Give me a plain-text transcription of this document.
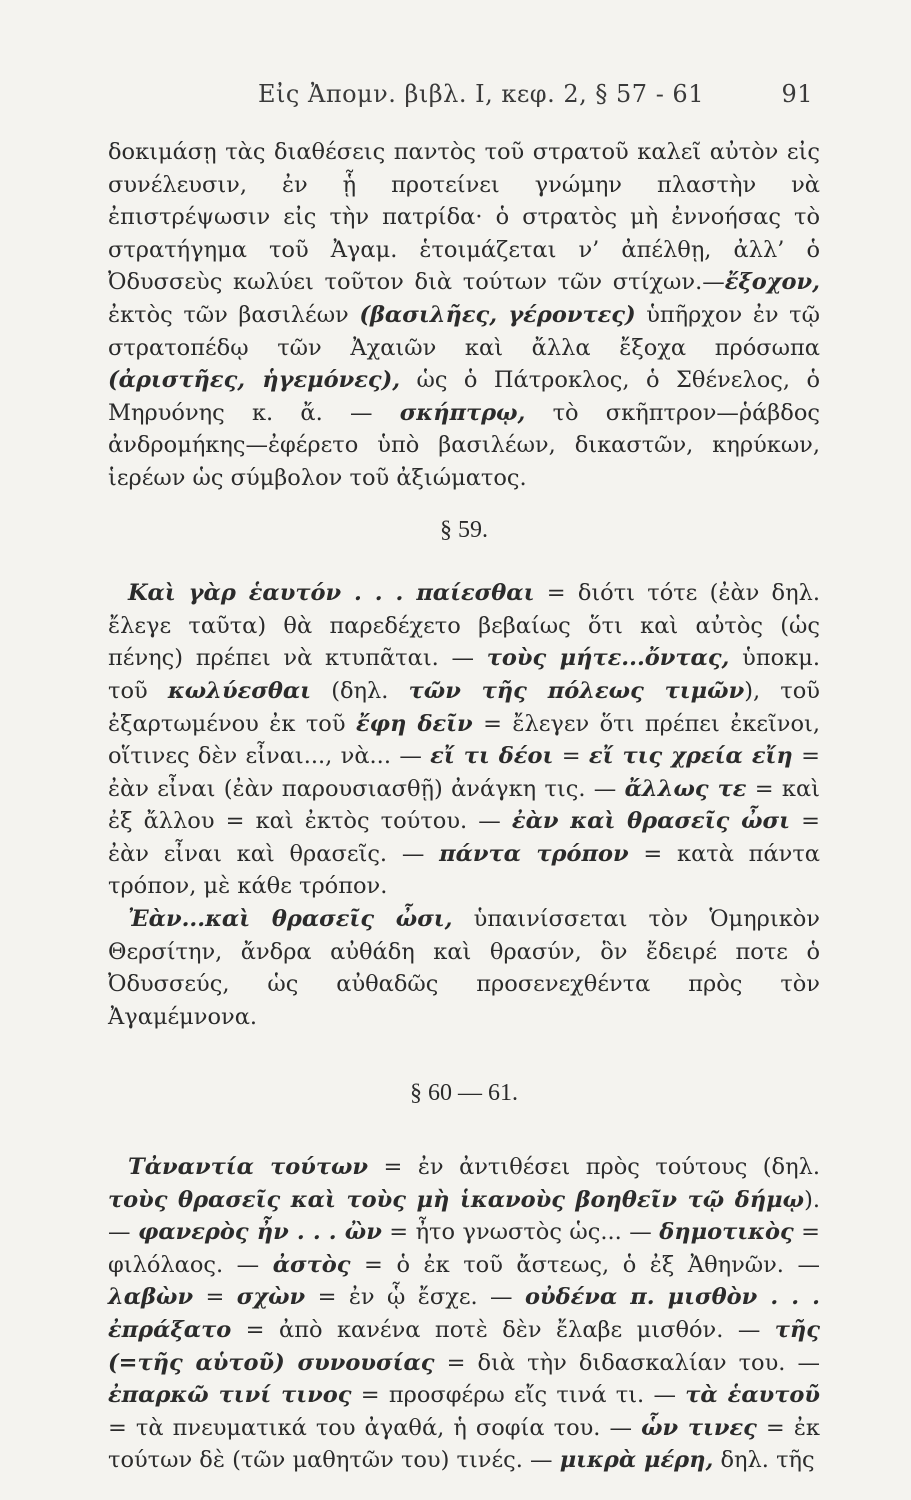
Εἰς Ἀπομν. βιβλ. Ι, κεφ. 2, § 57 - 61	91

δοκιμάσῃ τὰς διαθέσεις παντὸς τοῦ στρατοῦ καλεῖ αὐτὸν εἰς συνέλευσιν, ἐν ᾗ προτείνει γνώμην πλαστὴν νὰ ἐπιστρέψωσιν εἰς τὴν πατρίδα· ὁ στρατὸς μὴ ἐννοήσας τὸ στρατήγημα τοῦ Ἀγαμ. ἑτοιμάζεται ν’ ἀπέλθῃ, ἀλλ’ ὁ Ὀδυσσεὺς κωλύει τοῦτον διὰ τούτων τῶν στίχων.—ἔξοχον, ἐκτὸς τῶν βασιλέων (βασιλῆες, γέροντες) ὑπῆρχον ἐν τῷ στρατοπέδῳ τῶν Ἀχαιῶν καὶ ἄλλα ἔξοχα πρόσωπα (ἀριστῆες, ἡγεμόνες), ὡς ὁ Πάτροκλος, ὁ Σθένελος, ὁ Μηρυόνης κ. ἄ. — σκήπτρῳ, τὸ σκῆπτρον—ῥάβδος ἀνδρομήκης—ἐφέρετο ὑπὸ βασιλέων, δικαστῶν, κηρύκων, ἱερέων ὡς σύμβολον τοῦ ἀξιώματος.

§ 59.

Καὶ γὰρ ἑαυτόν . . . παίεσθαι = διότι τότε (ἐὰν δηλ. ἔλεγε ταῦτα) θὰ παρεδέχετο βεβαίως ὅτι καὶ αὐτὸς (ὡς πένης) πρέπει νὰ κτυπᾶται. — τοὺς μήτε...ὄντας, ὑποκμ. τοῦ κωλύεσθαι (δηλ. τῶν τῆς πόλεως τιμῶν), τοῦ ἐξαρτωμένου ἐκ τοῦ ἔφη δεῖν = ἔλεγεν ὅτι πρέπει ἐκεῖνοι, οἵτινες δὲν εἶναι..., νὰ... — εἴ τι δέοι = εἴ τις χρεία εἴη = ἐὰν εἶναι (ἐὰν παρουσιασθῇ) ἀνάγκη τις. — ἄλλως τε = καὶ ἐξ ἄλλου = καὶ ἐκτὸς τούτου. — ἐὰν καὶ θρασεῖς ὦσι = ἐὰν εἶναι καὶ θρασεῖς. — πάντα τρόπον = κατὰ πάντα τρόπον, μὲ κάθε τρόπον.

Ἐὰν...καὶ θρασεῖς ὦσι, ὑπαινίσσεται τὸν Ὁμηρικὸν Θερσίτην, ἄνδρα αὐθάδη καὶ θρασύν, ὃν ἔδειρέ ποτε ὁ Ὀδυσσεύς, ὡς αὐθαδῶς προσενεχθέντα πρὸς τὸν Ἀγαμέμνονα.

§ 60 — 61.

Τἀναντία τούτων = ἐν ἀντιθέσει πρὸς τούτους (δηλ. τοὺς θρασεῖς καὶ τοὺς μὴ ἱκανοὺς βοηθεῖν τῷ δήμῳ). — φανερὸς ἦν . . . ὢν = ἦτο γνωστὸς ὡς... — δημοτικὸς = φιλόλαος. — ἀστὸς = ὁ ἐκ τοῦ ἄστεως, ὁ ἐξ Ἀθηνῶν. — λαβὼν = σχὼν = ἐν ᾧ ἔσχε. — οὐδένα π. μισθὸν . . . ἐπράξατο = ἀπὸ κανένα ποτὲ δὲν ἔλαβε μισθόν. — τῆς (=τῆς αὑτοῦ) συνουσίας = διὰ τὴν διδασκαλίαν του. — ἐπαρκῶ τινί τινος = προσφέρω εἴς τινά τι. — τὰ ἑαυτοῦ = τὰ πνευματικά του ἀγαθά, ἡ σοφία του. — ὧν τινες = ἐκ τούτων δὲ (τῶν μαθητῶν του) τινές. — μικρὰ μέρη, δηλ. τῆς
